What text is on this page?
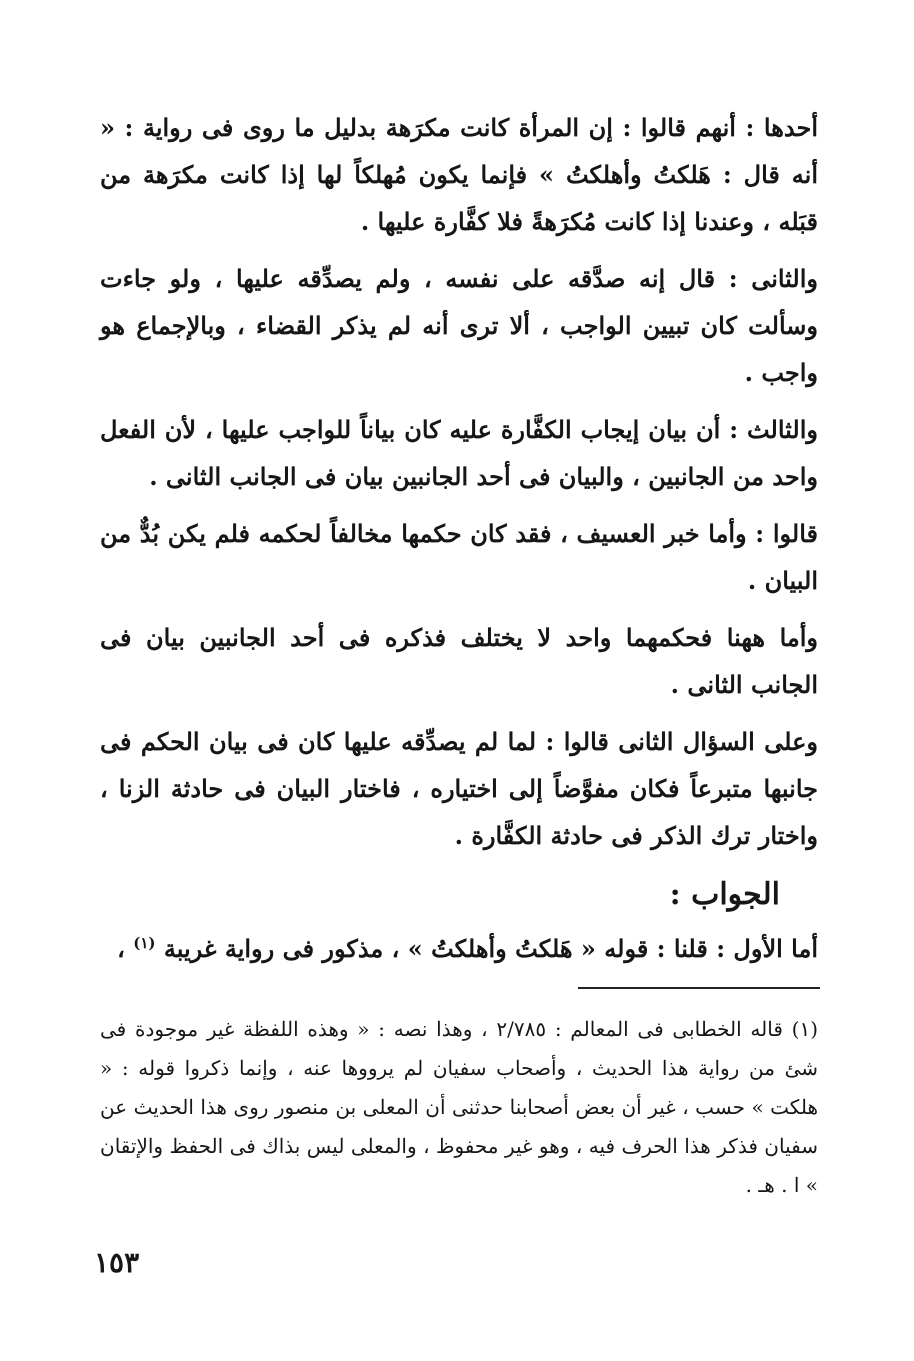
أحدها : أنهم قالوا : إن المرأة كانت مكرَهة بدليل ما روى فى رواية : « أنه قال : هَلكتُ وأهلكتُ » فإنما يكون مُهلكاً لها إذا كانت مكرَهة من قبَله ، وعندنا إذا كانت مُكرَهةً فلا كفَّارة عليها .

والثانى : قال إنه صدَّقه على نفسه ، ولم يصدِّقه عليها ، ولو جاءت وسألت كان تبيين الواجب ، ألا ترى أنه لم يذكر القضاء ، وبالإجماع هو واجب .

والثالث : أن بيان إيجاب الكفَّارة عليه كان بياناً للواجب عليها ، لأن الفعل واحد من الجانبين ، والبيان فى أحد الجانبين بيان فى الجانب الثانى .

قالوا : وأما خبر العسيف ، فقد كان حكمها مخالفاً لحكمه فلم يكن بُدٌّ من البيان .

وأما ههنا فحكمهما واحد لا يختلف فذكره فى أحد الجانبين بيان فى الجانب الثانى .

وعلى السؤال الثانى قالوا : لما لم يصدِّقه عليها كان فى بيان الحكم فى جانبها متبرعاً فكان مفوَّضاً إلى اختياره ، فاختار البيان فى حادثة الزنا ، واختار ترك الذكر فى حادثة الكفَّارة .

الجواب :

أما الأول : قلنا : قوله « هَلكتُ وأهلكتُ » ، مذكور فى رواية غريبة $^{(١)}$ ،

(١) قاله الخطابى فى المعالم : ٢/٧٨٥ ، وهذا نصه : « وهذه اللفظة غير موجودة فى شئ من رواية هذا الحديث ، وأصحاب سفيان لم يرووها عنه ، وإنما ذكروا قوله : « هلكت » حسب ، غير أن بعض أصحابنا حدثنى أن المعلى بن منصور روى هذا الحديث عن سفيان فذكر هذا الحرف فيه ، وهو غير محفوظ ، والمعلى ليس بذاك فى الحفظ والإتقان » ا . هـ .

١٥٣
